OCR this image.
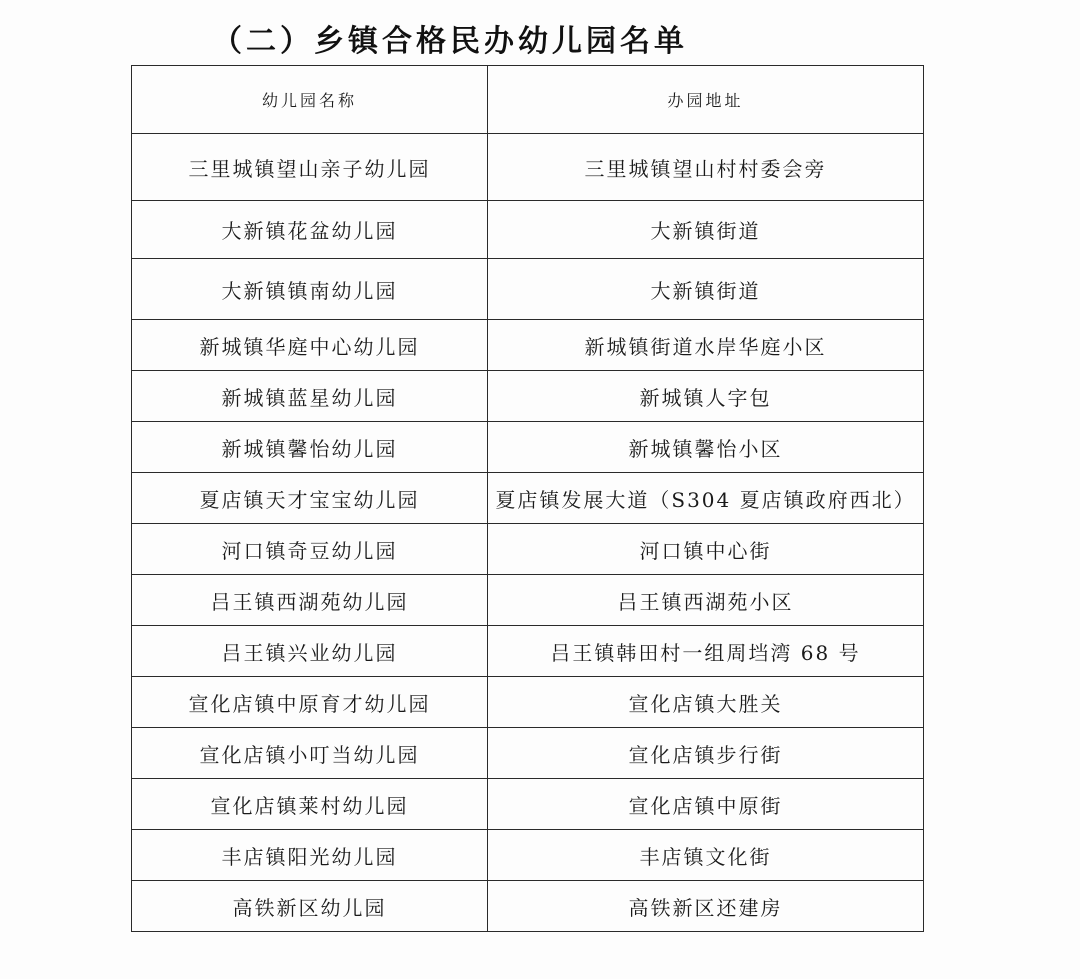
（二）乡镇合格民办幼儿园名单
幼儿园名称	办园地址
三里城镇望山亲子幼儿园	三里城镇望山村村委会旁
大新镇花盆幼儿园	大新镇街道
大新镇镇南幼儿园	大新镇街道
新城镇华庭中心幼儿园	新城镇街道水岸华庭小区
新城镇蓝星幼儿园	新城镇人字包
新城镇馨怡幼儿园	新城镇馨怡小区
夏店镇天才宝宝幼儿园	夏店镇发展大道（S304 夏店镇政府西北）
河口镇奇豆幼儿园	河口镇中心街
吕王镇西湖苑幼儿园	吕王镇西湖苑小区
吕王镇兴业幼儿园	吕王镇韩田村一组周垱湾 68 号
宣化店镇中原育才幼儿园	宣化店镇大胜关
宣化店镇小叮当幼儿园	宣化店镇步行街
宣化店镇莱村幼儿园	宣化店镇中原街
丰店镇阳光幼儿园	丰店镇文化街
高铁新区幼儿园	高铁新区还建房
